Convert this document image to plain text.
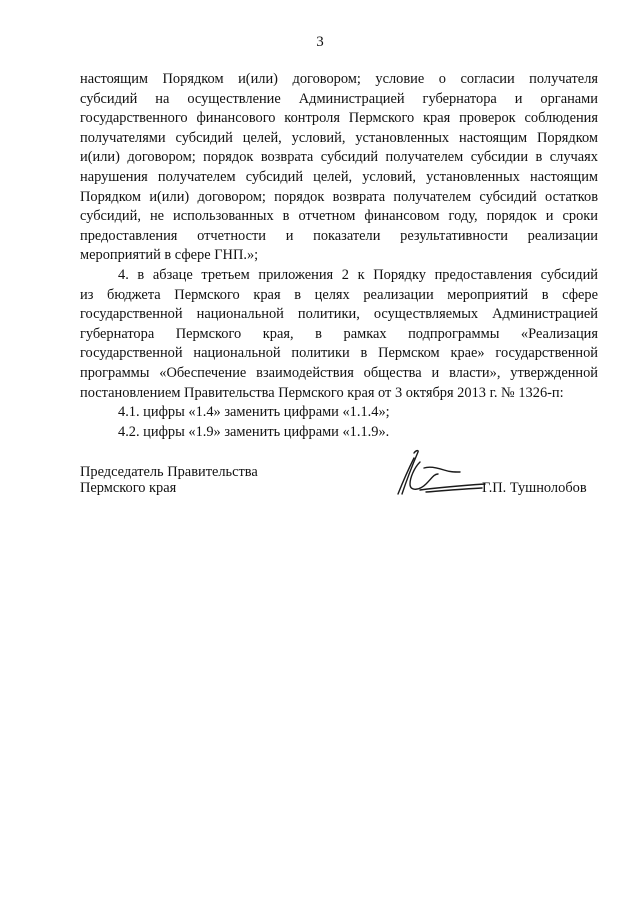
3
настоящим Порядком и(или) договором; условие о согласии получателя
субсидий на осуществление Администрацией губернатора и органами
государственного финансового контроля Пермского края проверок соблюдения
получателями субсидий целей, условий, установленных настоящим Порядком
и(или) договором; порядок возврата субсидий получателем субсидии в случаях
нарушения получателем субсидий целей, условий, установленных настоящим
Порядком и(или) договором; порядок возврата получателем субсидий остатков
субсидий, не использованных в отчетном финансовом году, порядок и сроки
предоставления отчетности и показатели результативности реализации
мероприятий в сфере ГНП.»;
4. в абзаце третьем приложения 2 к Порядку предоставления субсидий
из бюджета Пермского края в целях реализации мероприятий в сфере
государственной национальной политики, осуществляемых Администрацией
губернатора Пермского края, в рамках подпрограммы «Реализация
государственной национальной политики в Пермском крае» государственной
программы «Обеспечение взаимодействия общества и власти», утвержденной
постановлением Правительства Пермского края от 3 октября 2013 г. № 1326-п:
4.1. цифры «1.4» заменить цифрами «1.1.4»;
4.2. цифры «1.9» заменить цифрами «1.1.9».
Председатель Правительства
Пермского края	Г.П. Тушнолобов
